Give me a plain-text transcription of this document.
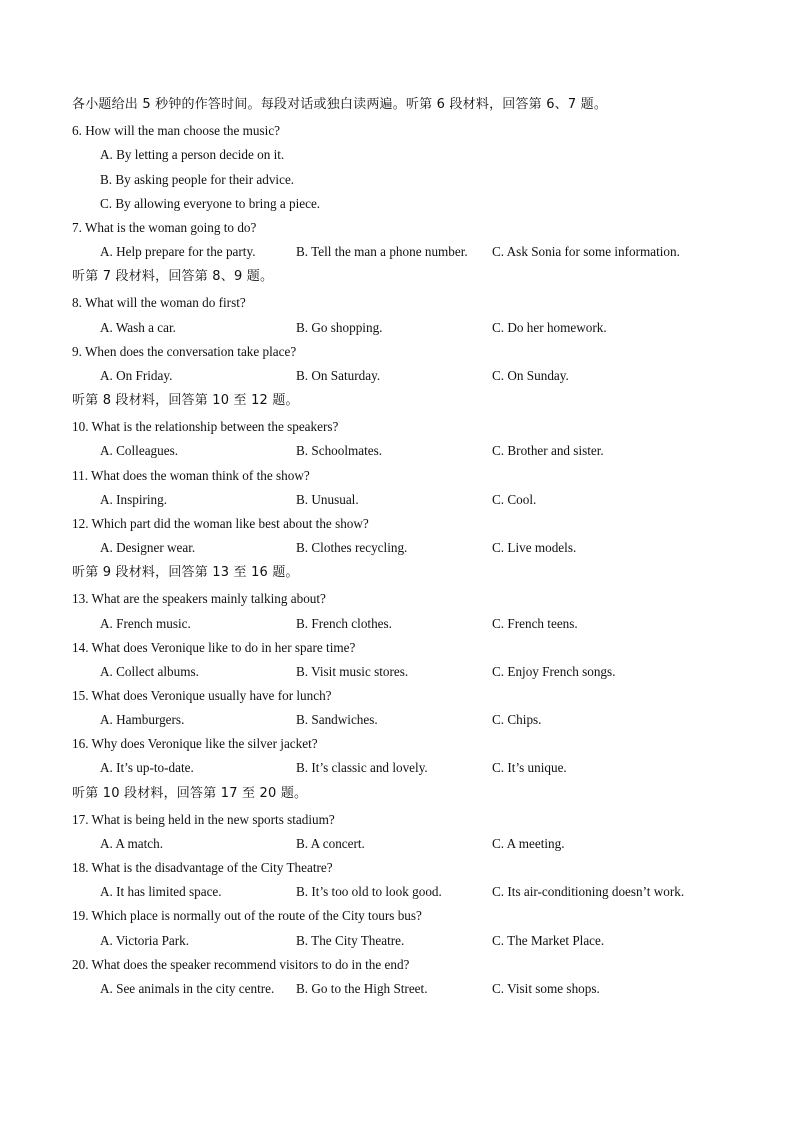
各小题给出 5 秒钟的作答时间。每段对话或独白读两遍。听第 6 段材料，回答第 6、7 题。
6. How will the man choose the music?
A. By letting a person decide on it.
B. By asking people for their advice.
C. By allowing everyone to bring a piece.
7. What is the woman going to do?
A. Help prepare for the party.	B. Tell the man a phone number. C. Ask Sonia for some information.
听第 7 段材料，回答第 8、9 题。
8. What will the woman do first?
A. Wash a car.	B. Go shopping.	C. Do her homework.
9. When does the conversation take place?
A. On Friday.	B. On Saturday.	C. On Sunday.
听第 8 段材料，回答第 10 至 12 题。
10. What is the relationship between the speakers?
A. Colleagues.	B. Schoolmates.	C. Brother and sister.
11. What does the woman think of the show?
A. Inspiring.	B. Unusual.	C. Cool.
12. Which part did the woman like best about the show?
A. Designer wear.	B. Clothes recycling.	C. Live models.
听第 9 段材料，回答第 13 至 16 题。
13. What are the speakers mainly talking about?
A. French music.	B. French clothes.	C. French teens.
14. What does Veronique like to do in her spare time?
A. Collect albums.	B. Visit music stores.	C. Enjoy French songs.
15. What does Veronique usually have for lunch?
A. Hamburgers.	B. Sandwiches.	C. Chips.
16. Why does Veronique like the silver jacket?
A. It’s up-to-date.	B. It’s classic and lovely.	C. It’s unique.
听第 10 段材料，回答第 17 至 20 题。
17. What is being held in the new sports stadium?
A. A match.	B. A concert.	C. A meeting.
18. What is the disadvantage of the City Theatre?
A. It has limited space.	B. It’s too old to look good.	C. Its air-conditioning doesn’t work.
19. Which place is normally out of the route of the City tours bus?
A. Victoria Park.	B. The City Theatre.	C. The Market Place.
20. What does the speaker recommend visitors to do in the end?
A. See animals in the city centre. B. Go to the High Street.	C. Visit some shops.
